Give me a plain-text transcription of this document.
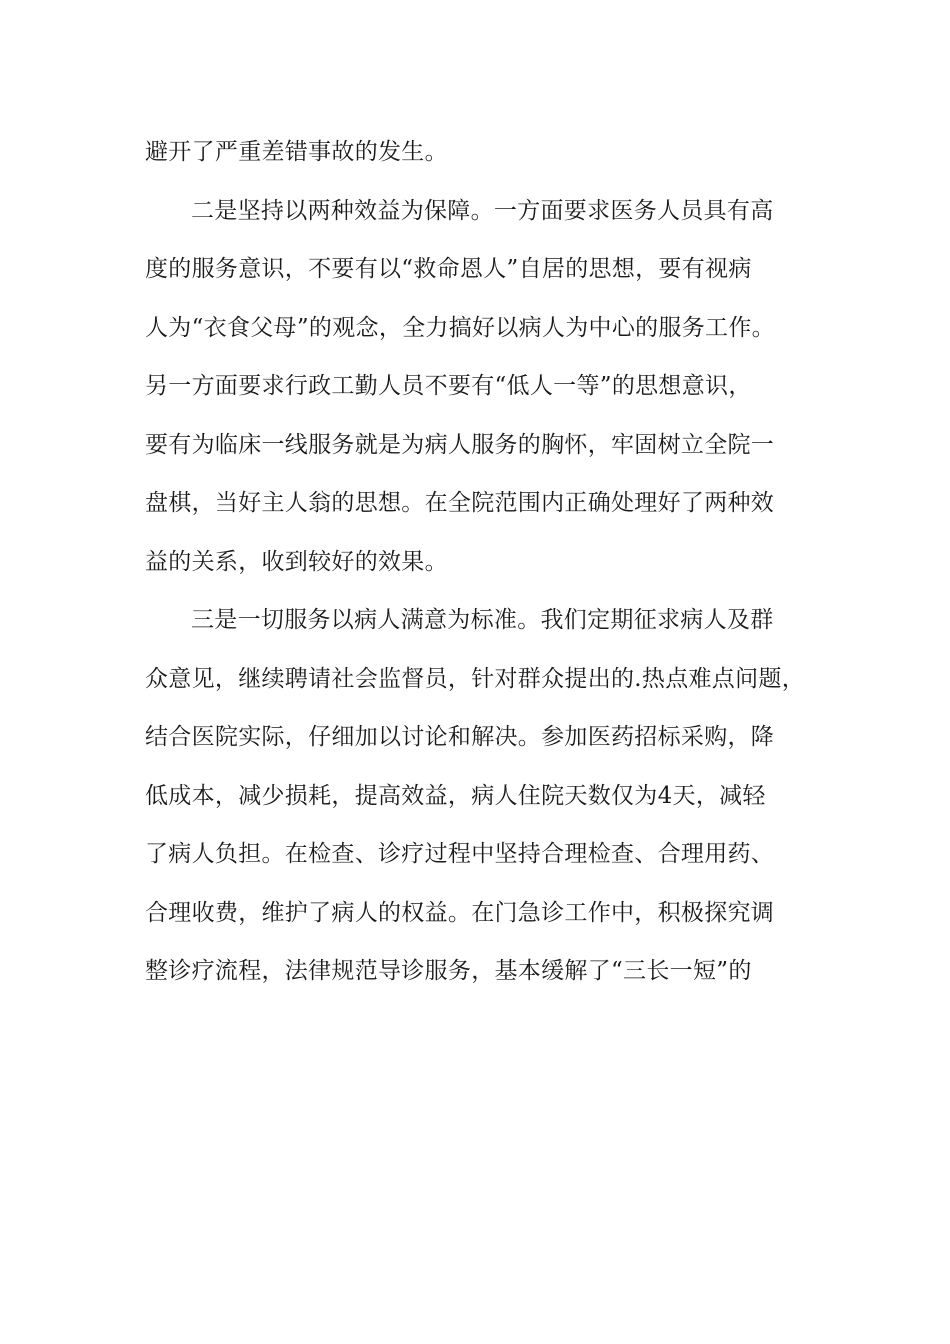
避开了严重差错事故的发生。
二是坚持以两种效益为保障。一方面要求医务人员具有高
度的服务意识，不要有以“救命恩人”自居的思想，要有视病
人为“衣食父母”的观念，全力搞好以病人为中心的服务工作。
另一方面要求行政工勤人员不要有“低人一等”的思想意识，
要有为临床一线服务就是为病人服务的胸怀，牢固树立全院一
盘棋，当好主人翁的思想。在全院范围内正确处理好了两种效
益的关系，收到较好的效果。
三是一切服务以病人满意为标准。我们定期征求病人及群
众意见，继续聘请社会监督员，针对群众提出的.热点难点问题，
结合医院实际，仔细加以讨论和解决。参加医药招标采购，降
低成本，减少损耗，提高效益，病人住院天数仅为4天，减轻
了病人负担。在检查、诊疗过程中坚持合理检查、合理用药、
合理收费，维护了病人的权益。在门急诊工作中，积极探究调
整诊疗流程，法律规范导诊服务，基本缓解了“三长一短”的
